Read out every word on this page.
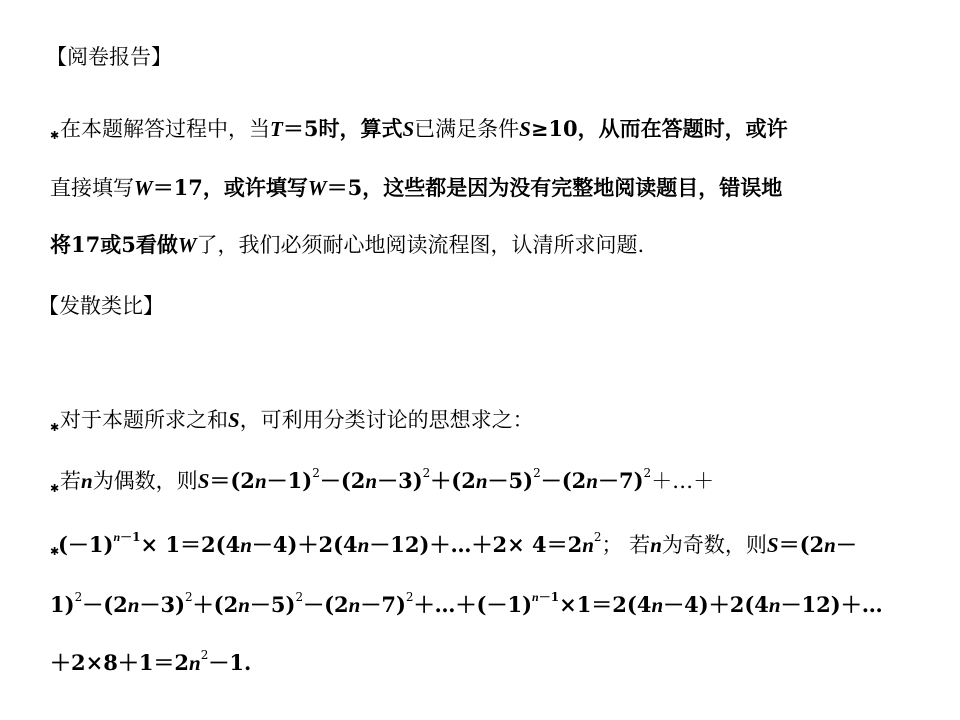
【阅卷报告】
【发散类比】
✱
✱
✱
✱
在本题解答过程中，当T＝5时，算式S已满足条件S≥10，从而在答题时，或许
直接填写W＝17，或许填写W＝5，这些都是因为没有完整地阅读题目，错误地
将17或5看做W了，我们必须耐心地阅读流程图，认清所求问题.
对于本题所求之和S，可利用分类讨论的思想求之：
若n为偶数，则$S=(2n-1)^2-(2n-3)^2+(2n-5)^2-(2n-7)^2+\dots+$
$(-1)^{n-1}\times$ 1＝2(4n－4)＋2(4n－12)＋…＋2× $4=2n^2$； 若n为奇数，则S＝(2n－
$1)^2-(2n-3)^2+(2n-5)^2-(2n-7)^2+\dots+(-1)^{n-1}\times 1=2(4n-4)+2(4n-12)+\dots$
$+2\times 8+1=2n^2-1$.
